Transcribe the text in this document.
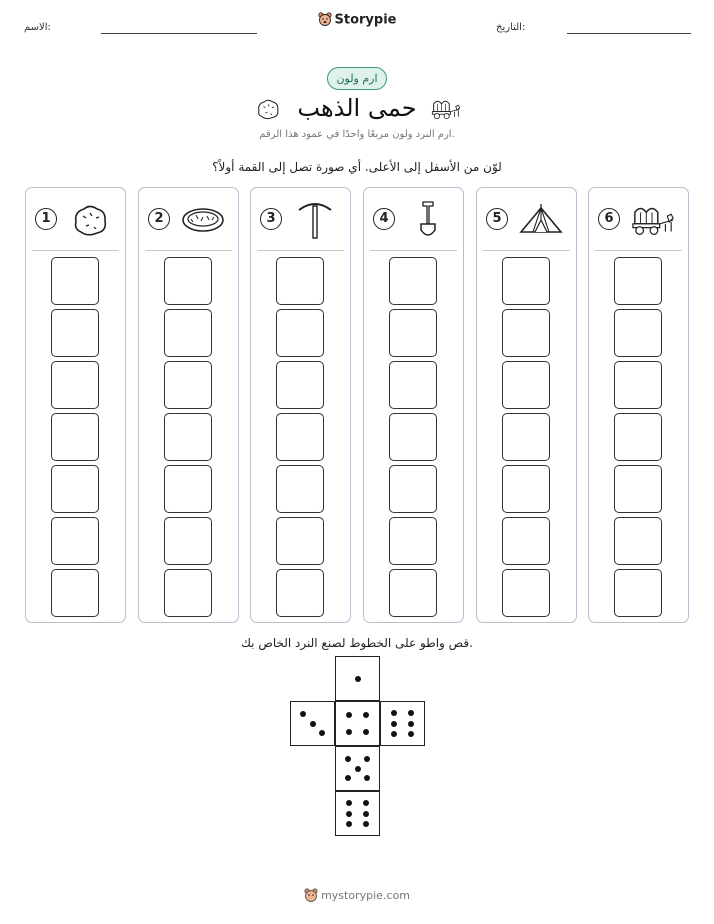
الاسم:	Storypie	التاريخ:
ارم ولون
حمى الذهب
ارم النرد ولون مربعًا واحدًا في عمود هذا الرقم.
لوّن من الأسفل إلى الأعلى. أي صورة تصل إلى القمة أولاً؟
1	2	3	4	5	6
قص واطو على الخطوط لصنع النرد الخاص بك.
mystorypie.com
